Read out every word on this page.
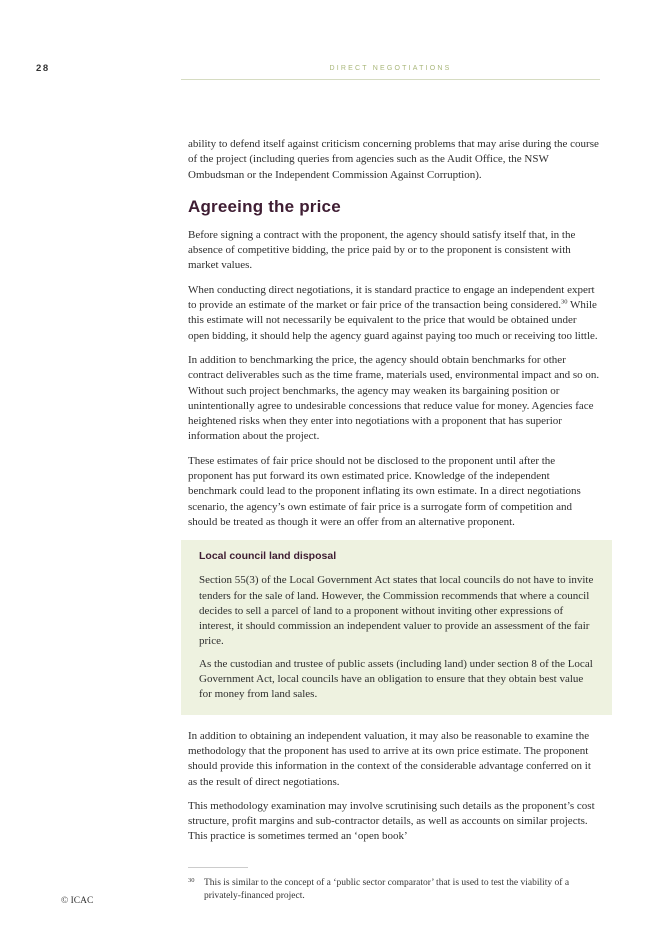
28	DIRECT NEGOTIATIONS

ability to defend itself against criticism concerning problems that may arise during the course of the project (including queries from agencies such as the Audit Office, the NSW Ombudsman or the Independent Commission Against Corruption).

Agreeing the price

Before signing a contract with the proponent, the agency should satisfy itself that, in the absence of competitive bidding, the price paid by or to the proponent is consistent with market values.

When conducting direct negotiations, it is standard practice to engage an independent expert to provide an estimate of the market or fair price of the transaction being considered.$^{30}$ While this estimate will not necessarily be equivalent to the price that would be obtained under open bidding, it should help the agency guard against paying too much or receiving too little.

In addition to benchmarking the price, the agency should obtain benchmarks for other contract deliverables such as the time frame, materials used, environmental impact and so on. Without such project benchmarks, the agency may weaken its bargaining position or unintentionally agree to undesirable concessions that reduce value for money. Agencies face heightened risks when they enter into negotiations with a proponent that has superior information about the project.

These estimates of fair price should not be disclosed to the proponent until after the proponent has put forward its own estimated price. Knowledge of the independent benchmark could lead to the proponent inflating its own estimate. In a direct negotiations scenario, the agency’s own estimate of fair price is a surrogate form of competition and should be treated as though it were an offer from an alternative proponent.

Local council land disposal

Section 55(3) of the Local Government Act states that local councils do not have to invite tenders for the sale of land. However, the Commission recommends that where a council decides to sell a parcel of land to a proponent without inviting other expressions of interest, it should commission an independent valuer to provide an assessment of the fair price.

As the custodian and trustee of public assets (including land) under section 8 of the Local Government Act, local councils have an obligation to ensure that they obtain best value for money from land sales.

In addition to obtaining an independent valuation, it may also be reasonable to examine the methodology that the proponent has used to arrive at its own price estimate. The proponent should provide this information in the context of the considerable advantage conferred on it as the result of direct negotiations.

This methodology examination may involve scrutinising such details as the proponent’s cost structure, profit margins and sub-contractor details, as well as accounts on similar projects. This practice is sometimes termed an ‘open book’

30 This is similar to the concept of a ‘public sector comparator’ that is used to test the viability of a privately-financed project.
© ICAC
